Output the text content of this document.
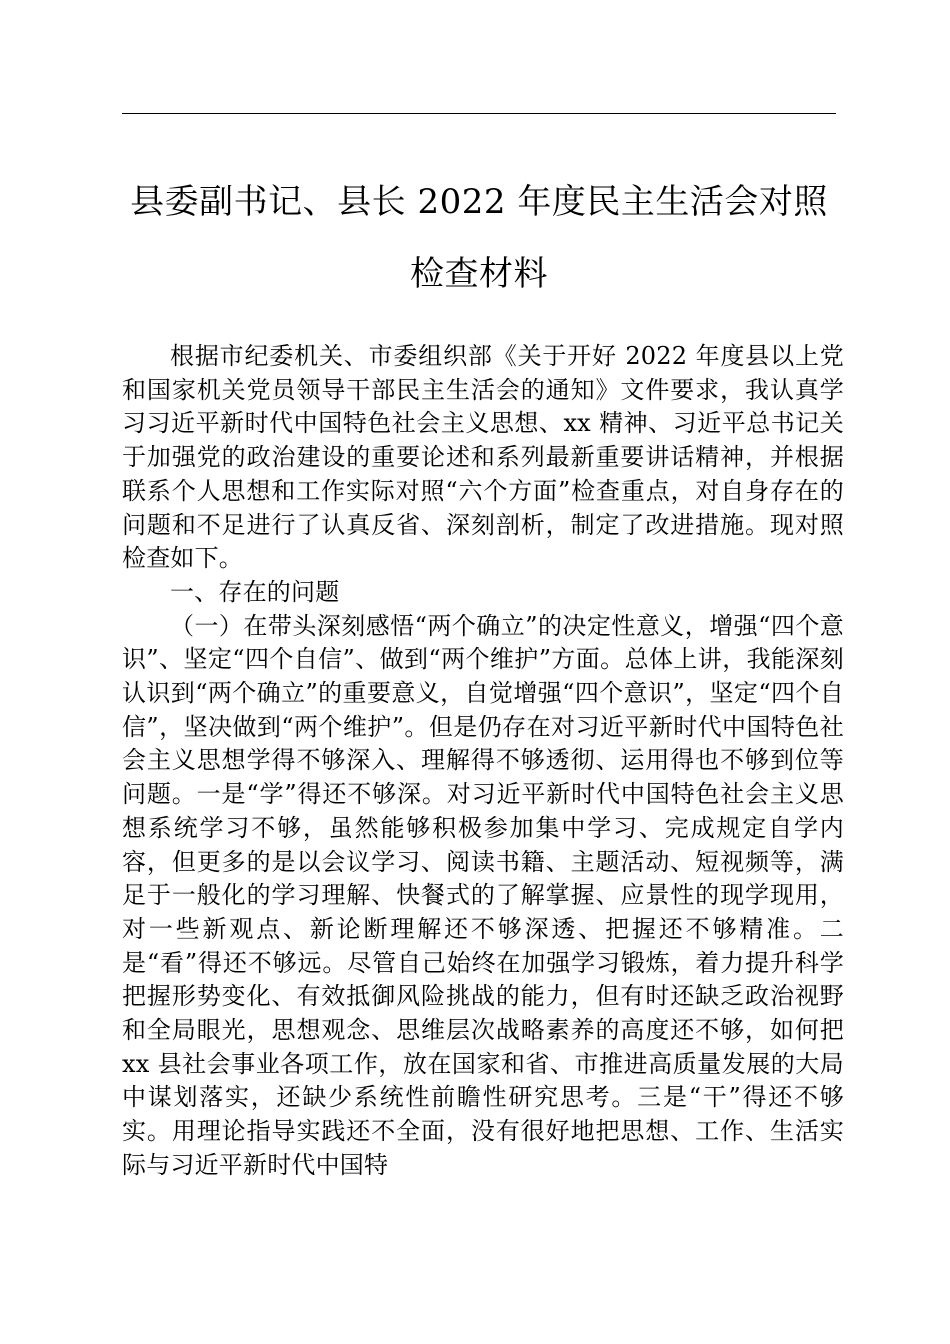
县委副书记、县长 2022 年度民主生活会对照
检查材料

根据市纪委机关、市委组织部《关于开好 2022 年度县以上党和国家机关党员领导干部民主生活会的通知》文件要求，我认真学习习近平新时代中国特色社会主义思想、xx 精神、习近平总书记关于加强党的政治建设的重要论述和系列最新重要讲话精神，并根据联系个人思想和工作实际对照“六个方面”检查重点，对自身存在的问题和不足进行了认真反省、深刻剖析，制定了改进措施。现对照检查如下。

一、存在的问题

（一）在带头深刻感悟“两个确立”的决定性意义，增强“四个意识”、坚定“四个自信”、做到“两个维护”方面。总体上讲，我能深刻认识到“两个确立”的重要意义，自觉增强“四个意识”，坚定“四个自信”，坚决做到“两个维护”。但是仍存在对习近平新时代中国特色社会主义思想学得不够深入、理解得不够透彻、运用得也不够到位等问题。一是“学”得还不够深。对习近平新时代中国特色社会主义思想系统学习不够，虽然能够积极参加集中学习、完成规定自学内容，但更多的是以会议学习、阅读书籍、主题活动、短视频等，满足于一般化的学习理解、快餐式的了解掌握、应景性的现学现用，对一些新观点、新论断理解还不够深透、把握还不够精准。二是“看”得还不够远。尽管自己始终在加强学习锻炼，着力提升科学把握形势变化、有效抵御风险挑战的能力，但有时还缺乏政治视野和全局眼光，思想观念、思维层次战略素养的高度还不够，如何把 xx 县社会事业各项工作，放在国家和省、市推进高质量发展的大局中谋划落实，还缺少系统性前瞻性研究思考。三是“干”得还不够实。用理论指导实践还不全面，没有很好地把思想、工作、生活实际与习近平新时代中国特
